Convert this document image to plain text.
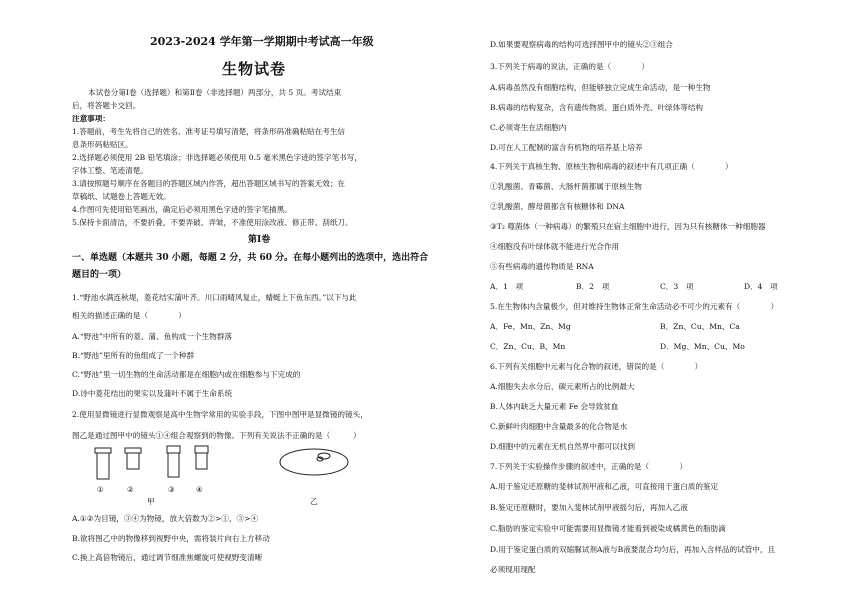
2023-2024 学年第一学期期中考试高一年级
生物试卷
本试卷分第Ⅰ卷（选择题）和第Ⅱ卷（非选择题）两部分，共 5 页。考试结束
后，将答题卡交回。
注意事项：
1.答题前，考生先将自己的姓名、准考证号填写清楚，将条形码准确粘贴在考生信
息条形码粘贴区。
2.选择题必须使用 2B 铅笔填涂；非选择题必须使用 0.5 毫米黑色字迹的签字笔书写，
字体工整、笔迹清楚。
3.请按照题号顺序在各题目的答题区域内作答，超出答题区域书写的答案无效；在
草稿纸、试题卷上答题无效。
4.作图可先使用铅笔画出，确定后必须用黑色字迹的签字笔描黑。
5.保持卡面清洁，不要折叠，不要弄破、弄皱，不准使用涂改液、修正带、刮纸刀。
第Ⅰ卷
一、单选题（本题共 30 小题，每题 2 分，共 60 分。在每小题列出的选项中，选出符合
题目的一项）
1.“野池水满连秋堤，菱花结实蒲叶齐。川口雨晴风复止，蜻蜓上下鱼东西。”以下与此
相关的描述正确的是（　　　　）
A.“野池”中所有的菱、蒲、鱼构成一个生物群落
B.“野池”里所有的鱼组成了一个种群
C.“野池”里一切生物的生命活动都是在细胞内或在细胞参与下完成的
D.诗中菱花结出的果实以及蒲叶不属于生命系统
2.使用显微镜进行显微观察是高中生物学常用的实验手段，下图中图甲是显微镜的镜头，
图乙是通过图甲中的镜头①④组合观察到的物像。下列有关说法不正确的是（　　　）
①	②	③	④
甲	乙
A.①②为目镜，③④为物镜，放大倍数为②>①，③>④
B.欲将图乙中的物像移到视野中央，需将装片向右上方移动
C.换上高倍物镜后，通过调节细准焦螺旋可使视野变清晰
D.如果要观察病毒的结构可选择图甲中的镜头②③组合
3.下列关于病毒的说法，正确的是（　　　　）
A.病毒虽然没有细胞结构，但能够独立完成生命活动，是一种生物
B.病毒的结构复杂，含有遗传物质、蛋白质外壳、叶绿体等结构
C.必须寄生在活细胞内
D.可在人工配制的富含有机物的培养基上培养
4.下列关于真核生物、原核生物和病毒的叙述中有几项正确（　　　　）
①乳酸菌、青霉菌、大肠杆菌都属于原核生物
②乳酸菌、酵母菌都含有核糖体和 DNA
③T₂ 噬菌体（一种病毒）的繁殖只在宿主细胞中进行，因为只有核糖体一种细胞器
④细胞没有叶绿体就不能进行光合作用
⑤有些病毒的遗传物质是 RNA
A．1　项	B．2　项	C．3　项	D．4　项
5.在生物体内含量极少，但对维持生物体正常生命活动必不可少的元素有（　　　　）
A．Fe、Mn、Zn、Mg	B．Zn、Cu、Mn、Ca
C．Zn、Cu、B、Mn	D．Mg、Mn、Cu、Mo
6.下列有关细胞中元素与化合物的叙述，错误的是（　　　　）
A.细胞失去水分后，碳元素所占的比例最大
B.人体内缺乏大量元素 Fe 会导致贫血
C.新鲜叶肉细胞中含量最多的化合物是水
D.细胞中的元素在无机自然界中都可以找到
7.下列关于实验操作步骤的叙述中，正确的是（　　　　）
A.用于鉴定还原糖的斐林试剂甲液和乙液，可直接用于蛋白质的鉴定
B.鉴定还原糖时，要加入斐林试剂甲液摇匀后，再加入乙液
C.脂肪的鉴定实验中可能需要用显微镜才能看到被染成橘黄色的脂肪滴
D.用于鉴定蛋白质的双缩脲试剂A液与B液要混合均匀后，再加入含样品的试管中，且
必须现用现配
